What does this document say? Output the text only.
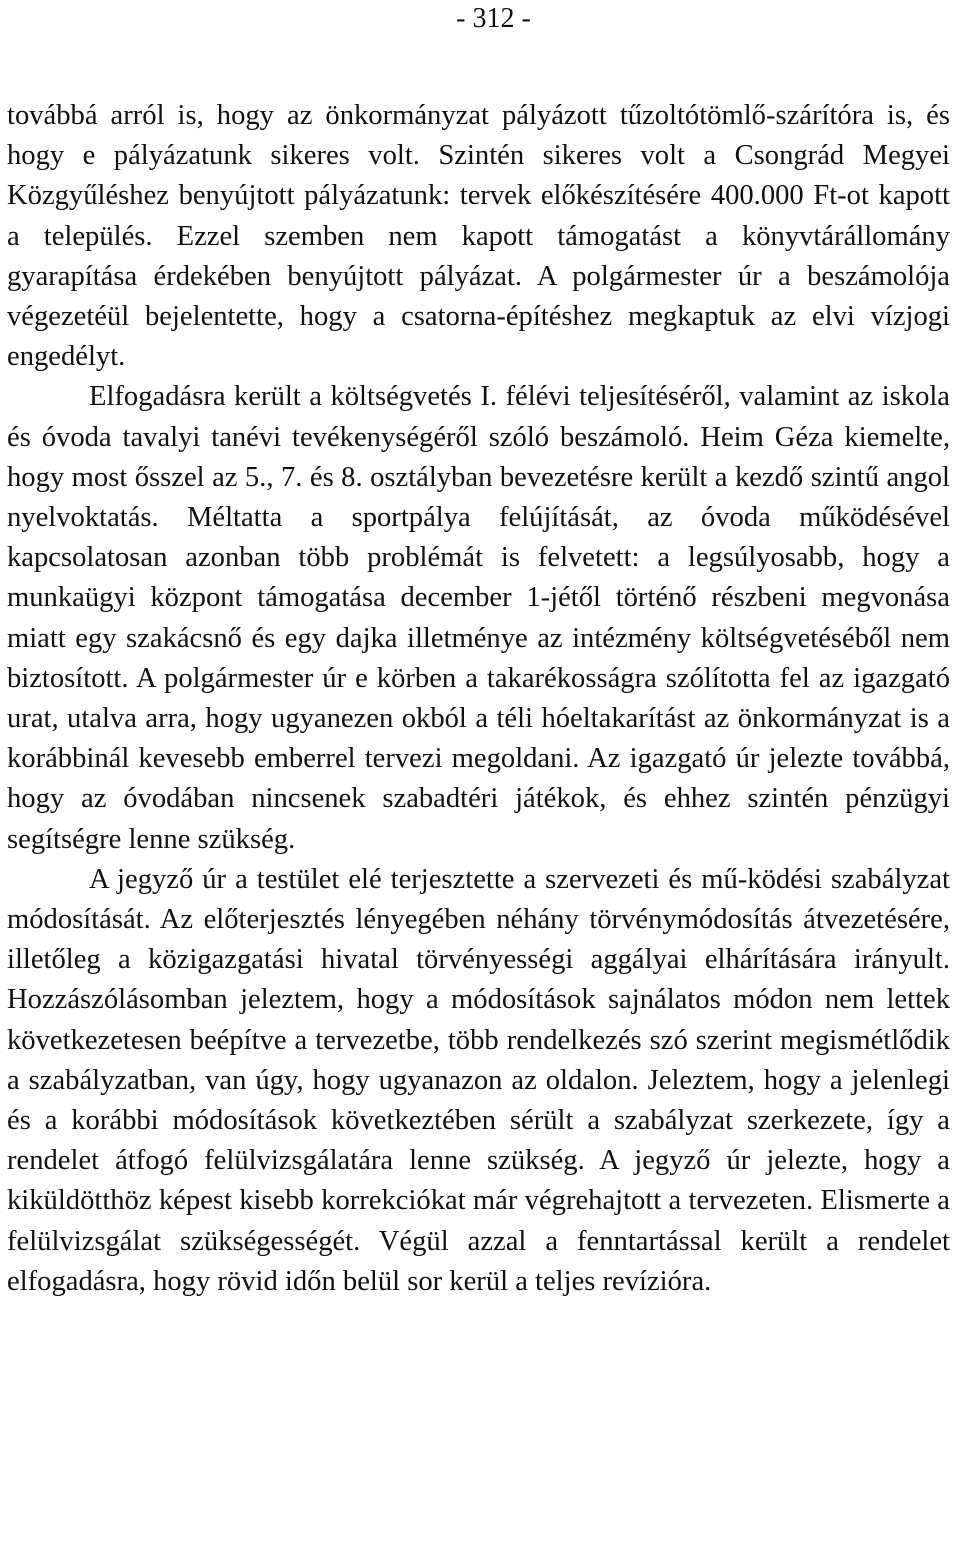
- 312 -

továbbá arról is, hogy az önkormányzat pályázott tűzoltótömlő-szárítóra is, és hogy e pályázatunk sikeres volt. Szintén sikeres volt a Csongrád Megyei Közgyűléshez benyújtott pályázatunk: tervek előkészítésére 400.000 Ft-ot kapott a település. Ezzel szemben nem kapott támogatást a könyvtárállomány gyarapítása érdekében benyújtott pályázat. A polgármester úr a beszámolója végezetéül bejelentette, hogy a csatorna-építéshez megkaptuk az elvi vízjogi engedélyt.

Elfogadásra került a költségvetés I. félévi teljesítéséről, valamint az iskola és óvoda tavalyi tanévi tevékenységéről szóló beszámoló. Heim Géza kiemelte, hogy most ősszel az 5., 7. és 8. osztályban bevezetésre került a kezdő szintű angol nyelvoktatás. Méltatta a sportpálya felújítását, az óvoda működésével kapcsolatosan azonban több problémát is felvetett: a legsúlyosabb, hogy a munkaügyi központ támogatása december 1-jétől történő részbeni megvonása miatt egy szakácsnő és egy dajka illetménye az intézmény költségvetéséből nem biztosított. A polgármester úr e körben a takarékosságra szólította fel az igazgató urat, utalva arra, hogy ugyanezen okból a téli hóeltakarítást az önkormányzat is a korábbinál kevesebb emberrel tervezi megoldani. Az igazgató úr jelezte továbbá, hogy az óvodában nincsenek szabadtéri játékok, és ehhez szintén pénzügyi segítségre lenne szükség.

A jegyző úr a testület elé terjesztette a szervezeti és mű-ködési szabályzat módosítását. Az előterjesztés lényegében néhány törvénymódosítás átvezetésére, illetőleg a közigazgatási hivatal törvényességi aggályai elhárítására irányult. Hozzászólásomban jeleztem, hogy a módosítások sajnálatos módon nem lettek következetesen beépítve a tervezetbe, több rendelkezés szó szerint megismétlődik a szabályzatban, van úgy, hogy ugyanazon az oldalon. Jeleztem, hogy a jelenlegi és a korábbi módosítások következtében sérült a szabályzat szerkezete, így a rendelet átfogó felülvizsgálatára lenne szükség. A jegyző úr jelezte, hogy a kiküldötthöz képest kisebb korrekciókat már végrehajtott a tervezeten. Elismerte a felülvizsgálat szükségességét. Végül azzal a fenntartással került a rendelet elfogadásra, hogy rövid időn belül sor kerül a teljes revízióra.
